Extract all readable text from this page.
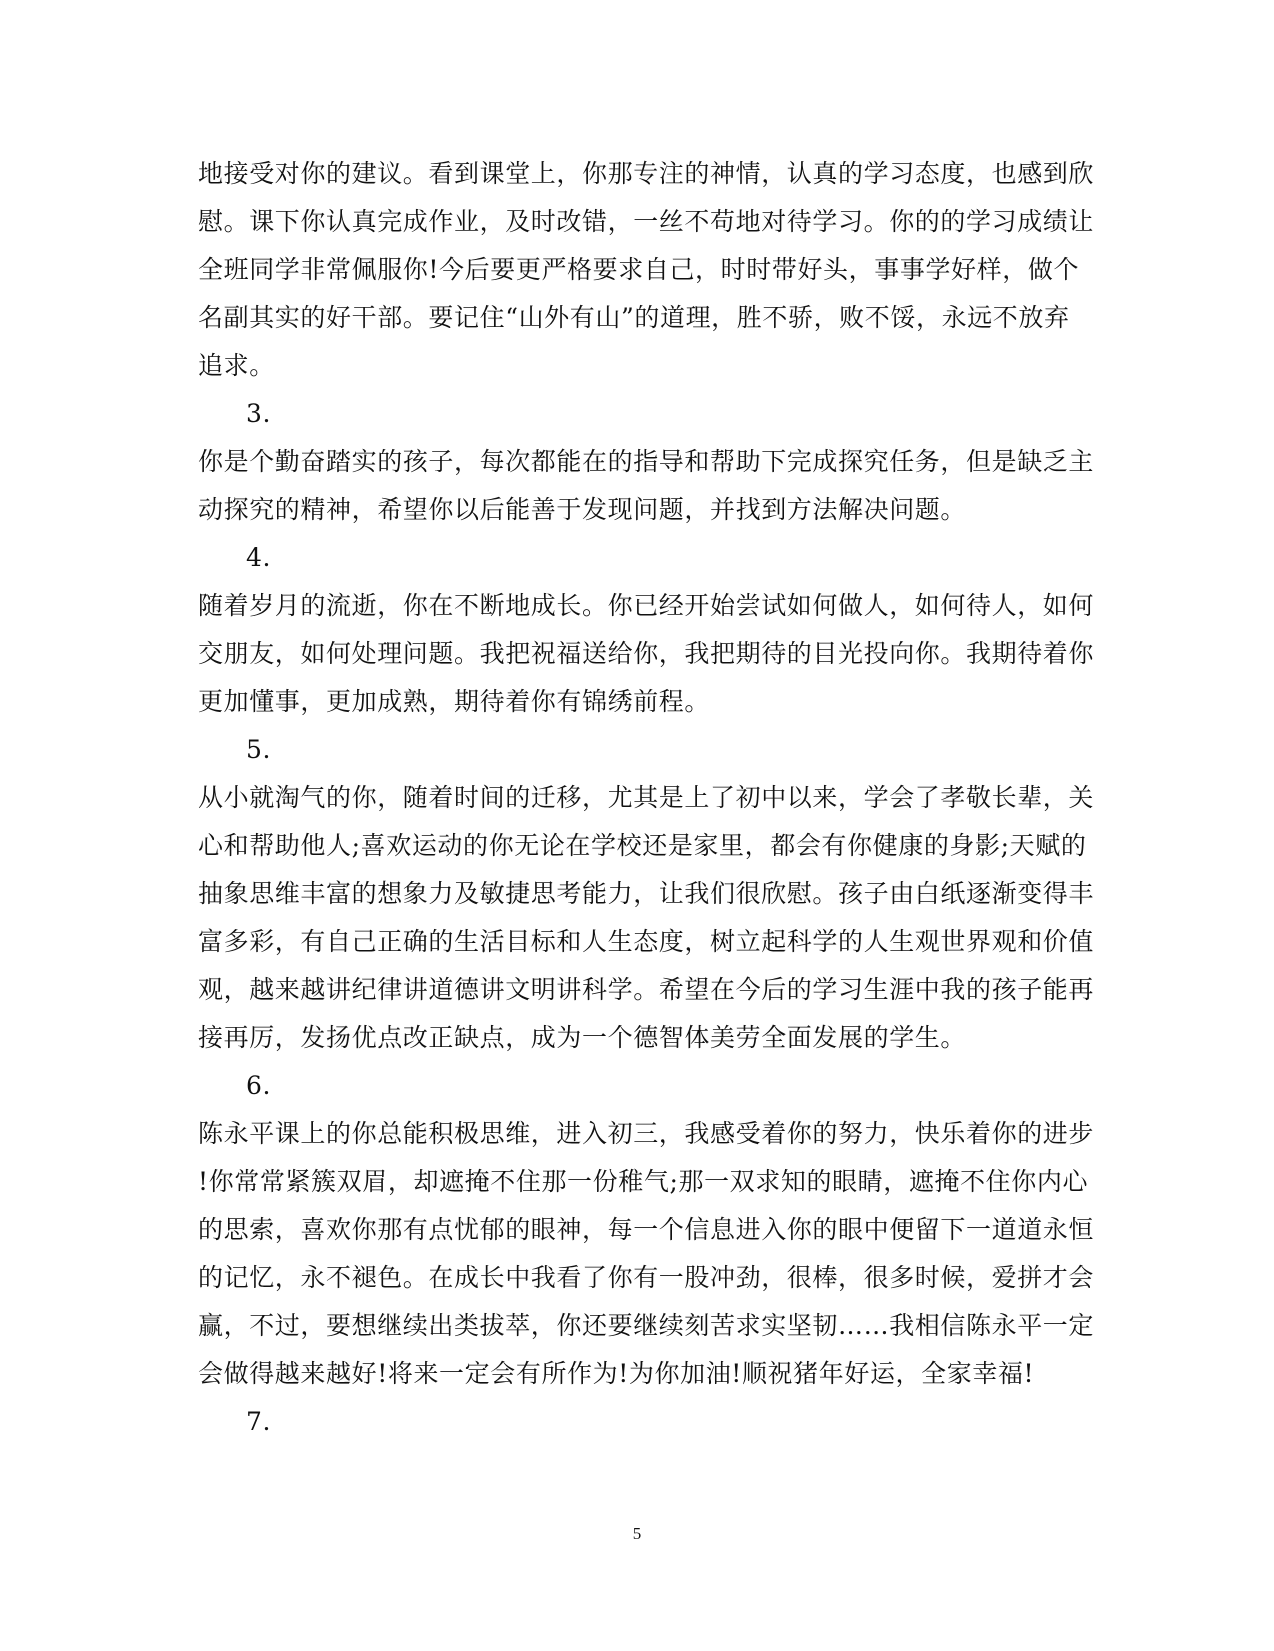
地接受对你的建议。看到课堂上，你那专注的神情，认真的学习态度，也感到欣
慰。课下你认真完成作业，及时改错，一丝不苟地对待学习。你的的学习成绩让
全班同学非常佩服你!今后要更严格要求自己，时时带好头，事事学好样，做个
名副其实的好干部。要记住“山外有山”的道理，胜不骄，败不馁，永远不放弃
追求。
3.
你是个勤奋踏实的孩子，每次都能在的指导和帮助下完成探究任务，但是缺乏主
动探究的精神，希望你以后能善于发现问题，并找到方法解决问题。
4.
随着岁月的流逝，你在不断地成长。你已经开始尝试如何做人，如何待人，如何
交朋友，如何处理问题。我把祝福送给你，我把期待的目光投向你。我期待着你
更加懂事，更加成熟，期待着你有锦绣前程。
5.
从小就淘气的你，随着时间的迁移，尤其是上了初中以来，学会了孝敬长辈，关
心和帮助他人;喜欢运动的你无论在学校还是家里，都会有你健康的身影;天赋的
抽象思维丰富的想象力及敏捷思考能力，让我们很欣慰。孩子由白纸逐渐变得丰
富多彩，有自己正确的生活目标和人生态度，树立起科学的人生观世界观和价值
观，越来越讲纪律讲道德讲文明讲科学。希望在今后的学习生涯中我的孩子能再
接再厉，发扬优点改正缺点，成为一个德智体美劳全面发展的学生。
6.
陈永平课上的你总能积极思维，进入初三，我感受着你的努力，快乐着你的进步
!你常常紧簇双眉，却遮掩不住那一份稚气;那一双求知的眼睛，遮掩不住你内心
的思索，喜欢你那有点忧郁的眼神，每一个信息进入你的眼中便留下一道道永恒
的记忆，永不褪色。在成长中我看了你有一股冲劲，很棒，很多时候，爱拼才会
赢，不过，要想继续出类拔萃，你还要继续刻苦求实坚韧……我相信陈永平一定
会做得越来越好!将来一定会有所作为!为你加油!顺祝猪年好运，全家幸福!
7.
5
